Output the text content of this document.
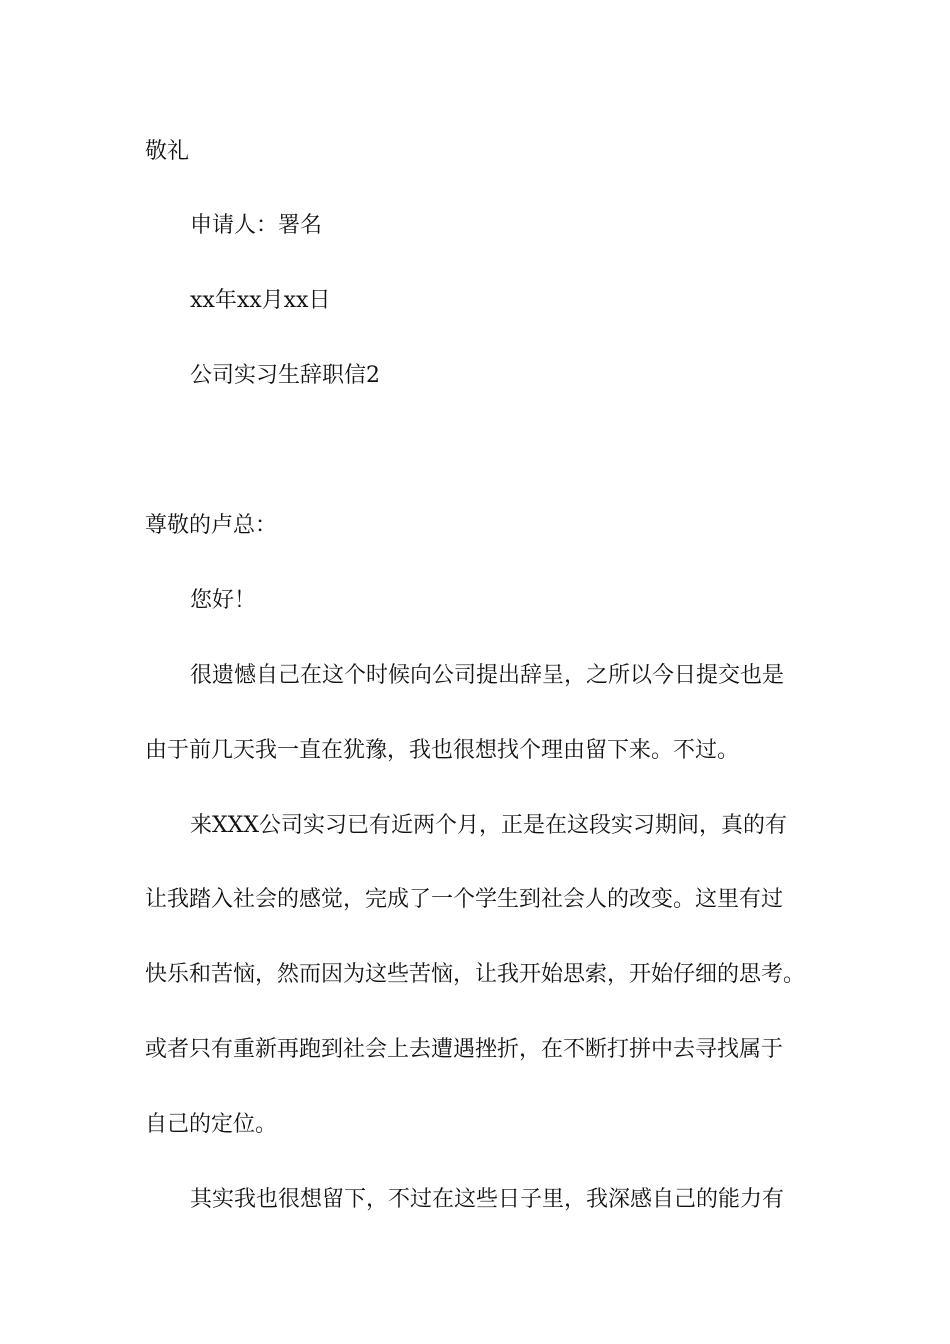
敬礼
申请人：署名
xx年xx月xx日
公司实习生辞职信2
尊敬的卢总：
您好！
很遗憾自己在这个时候向公司提出辞呈，之所以今日提交也是
由于前几天我一直在犹豫，我也很想找个理由留下来。不过。
来XXX公司实习已有近两个月，正是在这段实习期间，真的有
让我踏入社会的感觉，完成了一个学生到社会人的改变。这里有过
快乐和苦恼，然而因为这些苦恼，让我开始思索，开始仔细的思考。
或者只有重新再跑到社会上去遭遇挫折，在不断打拼中去寻找属于
自己的定位。
其实我也很想留下，不过在这些日子里，我深感自己的能力有
